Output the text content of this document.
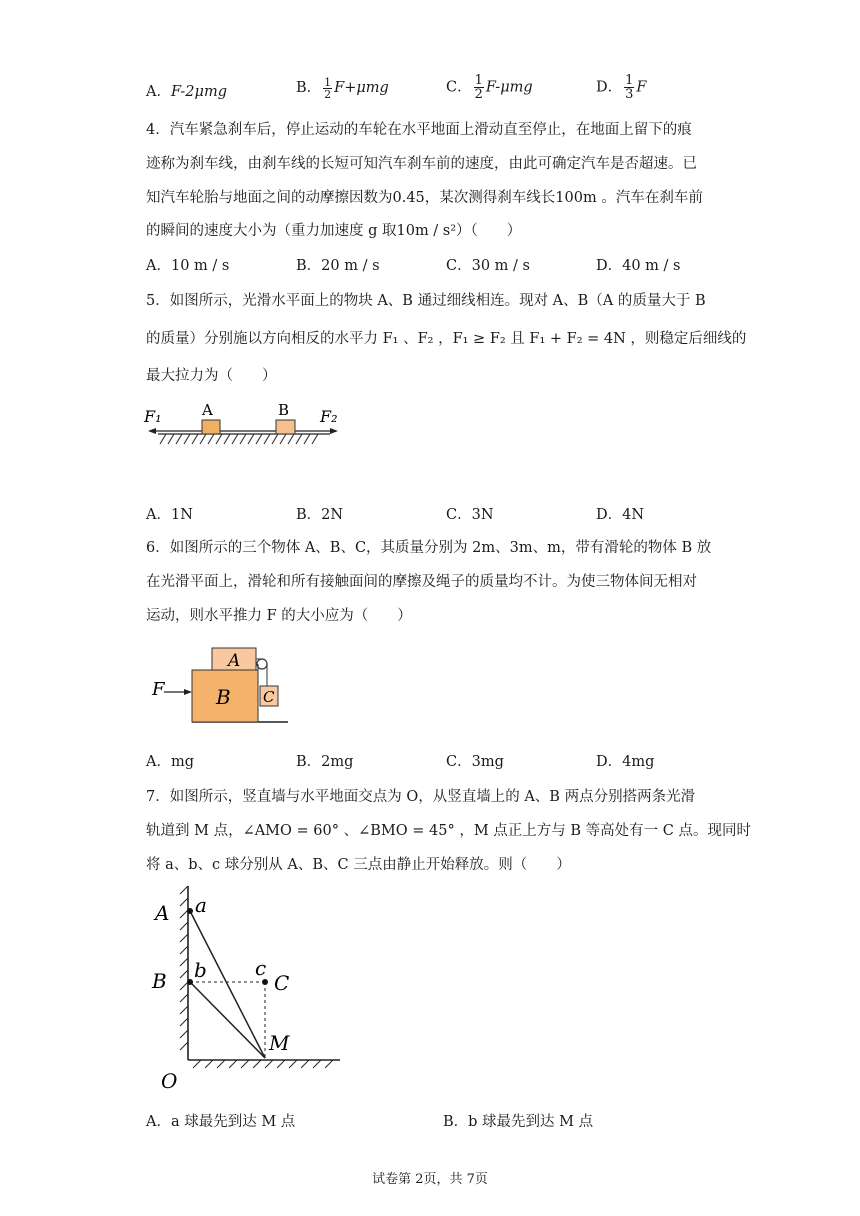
A．F-2μmg	B． $\frac{1}{2} F+\mu mg$	C． $\frac{1}{2} F-\mu mg$	D． $\frac{1}{3}$ F
4．汽车紧急刹车后，停止运动的车轮在水平地面上滑动直至停止，在地面上留下的痕
迹称为刹车线，由刹车线的长短可知汽车刹车前的速度，由此可确定汽车是否超速。已
知汽车轮胎与地面之间的动摩擦因数为0.45，某次测得刹车线长100m 。汽车在刹车前
的瞬间的速度大小为（重力加速度 g 取10m / s²）（　　）
A．10 m / s	B．20 m / s	C．30 m / s	D．40 m / s
5．如图所示，光滑水平面上的物块 A、B 通过细线相连。现对 A、B（A 的质量大于 B
的质量）分别施以方向相反的水平力 F₁ 、F₂ ，F₁ ≥ F₂ 且 F₁ + F₂ = 4N ，则稳定后细线的
最大拉力为（　　）
A	B
F₁	F₂
A．1N	B．2N	C．3N	D．4N
6．如图所示的三个物体 A、B、C，其质量分别为 2m、3m、m，带有滑轮的物体 B 放
在光滑平面上，滑轮和所有接触面间的摩擦及绳子的质量均不计。为使三物体间无相对
运动，则水平推力 F 的大小应为（　　）
F
A
B C
A．mg	B．2mg	C．3mg	D．4mg
7．如图所示，竖直墙与水平地面交点为 O，从竖直墙上的 A、B 两点分别搭两条光滑
轨道到 M 点，∠AMO = 60° 、∠BMO = 45° ，M 点正上方与 B 等高处有一 C 点。现同时
将 a、b、c 球分别从 A、B、C 三点由静止开始释放。则（　　）
A a
B b c
C
M
O
A．a 球最先到达 M 点	B．b 球最先到达 M 点
试卷第 2页，共 7页
